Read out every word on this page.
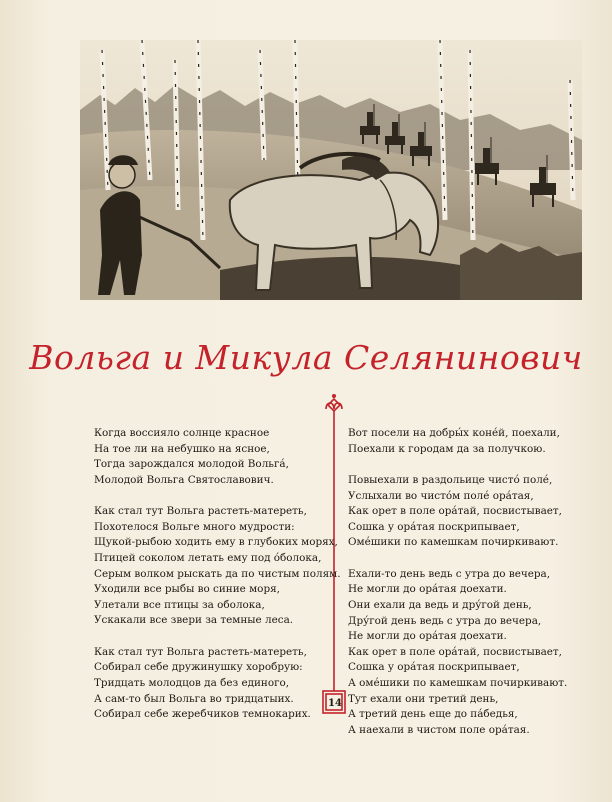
Вольга и Микула Селянинович
14
Когда воссияло солнце красное
На тое ли на небушко на ясное,
Тогда зарождался молодой Вольга́,
Молодой Вольга Святославович.
Как стал тут Вольга растеть-матереть,
Похотелося Вольге много мудрости:
Щукой-рыбою ходить ему в глубоких морях,
Птицей соколом летать ему под о́болока,
Серым волком рыскать да по чистым полям.
Уходили все рыбы во синие моря,
Улетали все птицы за оболока,
Ускакали все звери за темные леса.
Как стал тут Вольга растеть-матереть,
Собирал себе дружинушку хоробрую:
Тридцать молодцов да без единого,
А сам-то был Вольга во тридцатыих.
Собирал себе жеребчиков темнокарих.
Вот посели на добры́х коне́й, поехали,
Поехали к городам да за получкою.
Повыехали в раздольице чисто́ поле́,
Услыхали во чисто́м поле́ ора́тая,
Как орет в поле ора́тай, посвистывает,
Сошка у ора́тая поскрипывает,
Оме́шики по камешкам почиркивают.
Ехали-то день ведь с утра до вечера,
Не могли до ора́тая доехати.
Они ехали да ведь и дру́гой день,
Дру́гой день ведь с утра до вечера,
Не могли до ора́тая доехати.
Как орет в поле ора́тай, посвистывает,
Сошка у ора́тая поскрипывает,
А оме́шики по камешкам почиркивают.
Тут ехали они третий день,
А третий день еще до па́бедья,
А наехали в чистом поле ора́тая.
